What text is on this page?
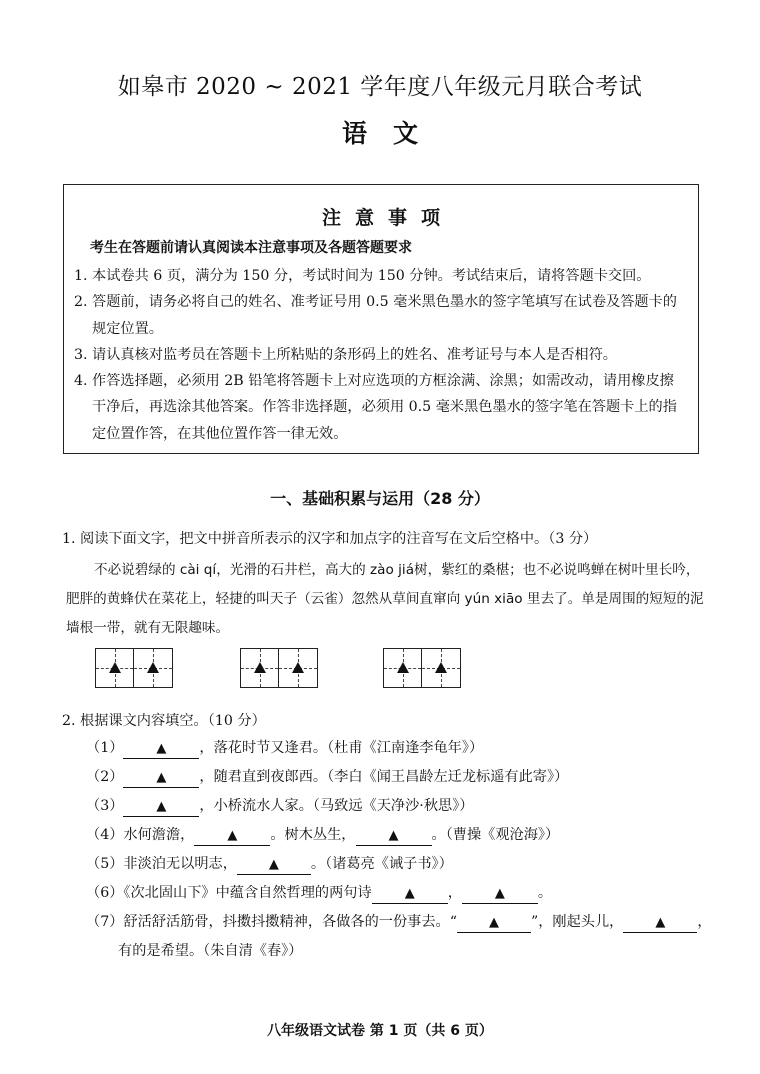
如皋市 2020 ~ 2021 学年度八年级元月联合考试
语文
注意事项
考生在答题前请认真阅读本注意事项及各题答题要求
1. 本试卷共 6 页，满分为 150 分，考试时间为 150 分钟。考试结束后，请将答题卡交回。
2. 答题前，请务必将自己的姓名、准考证号用 0.5 毫米黑色墨水的签字笔填写在试卷及答题卡的规定位置。
3. 请认真核对监考员在答题卡上所粘贴的条形码上的姓名、准考证号与本人是否相符。
4. 作答选择题，必须用 2B 铅笔将答题卡上对应选项的方框涂满、涂黑；如需改动，请用橡皮擦干净后，再选涂其他答案。作答非选择题，必须用 0.5 毫米黑色墨水的签字笔在答题卡上的指定位置作答，在其他位置作答一律无效。
一、基础积累与运用（28 分）
1. 阅读下面文字，把文中拼音所表示的汉字和加点字的注音写在文后空格中。（3 分）

不必说碧绿的 cài qí，光滑的石井栏，高大的 zào jiá树，紫红的桑椹；也不必说鸣蝉在树叶里长吟，肥胖的黄蜂伏在菜花上，轻捷的叫天子（云雀）忽然从草间直窜向 yún xiāo 里去了。单是周围的短短的泥墙根一带，就有无限趣味。

2. 根据课文内容填空。（10 分）
（1） ▲	，落花时节又逢君。（杜甫《江南逢李龟年》）
（2） ▲	，随君直到夜郎西。（李白《闻王昌龄左迁龙标遥有此寄》）
（3） ▲	，小桥流水人家。（马致远《天净沙·秋思》）
（4）水何澹澹， ▲	。树木丛生， ▲	。（曹操《观沧海》）
（5）非淡泊无以明志， ▲	。（诸葛亮《诫子书》）
（6）《次北固山下》中蕴含自然哲理的两句诗 ▲	， ▲	。
（7）舒活舒活筋骨，抖擞抖擞精神，各做各的一份事去。“ ▲	”，刚起头儿， ▲	，
有的是希望。（朱自清《春》）
八年级语文试卷 第 1 页（共 6 页）
